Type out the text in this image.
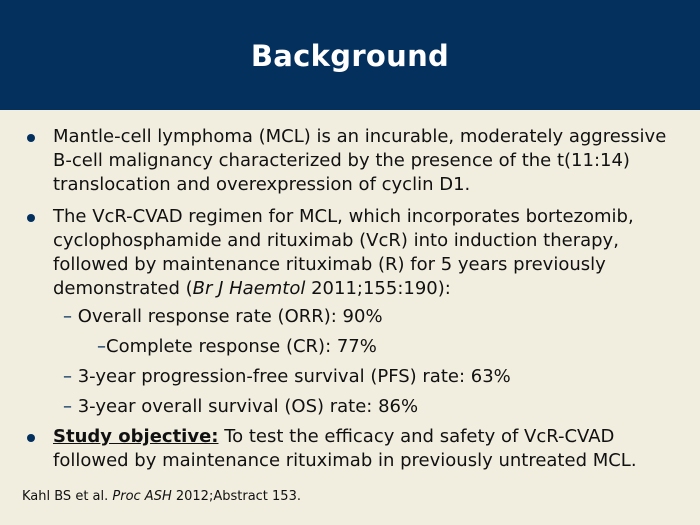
Background
Mantle-cell lymphoma (MCL) is an incurable, moderately aggressive B-cell malignancy characterized by the presence of the t(11:14) translocation and overexpression of cyclin D1.
The VcR-CVAD regimen for MCL, which incorporates bortezomib, cyclophosphamide and rituximab (VcR) into induction therapy, followed by maintenance rituximab (R) for 5 years previously demonstrated (Br J Haemtol 2011;155:190):
– Overall response rate (ORR): 90%
–Complete response (CR): 77%
– 3-year progression-free survival (PFS) rate: 63%
– 3-year overall survival (OS) rate: 86%
Study objective: To test the efficacy and safety of VcR-CVAD followed by maintenance rituximab in previously untreated MCL.
Kahl BS et al. Proc ASH 2012;Abstract 153.
